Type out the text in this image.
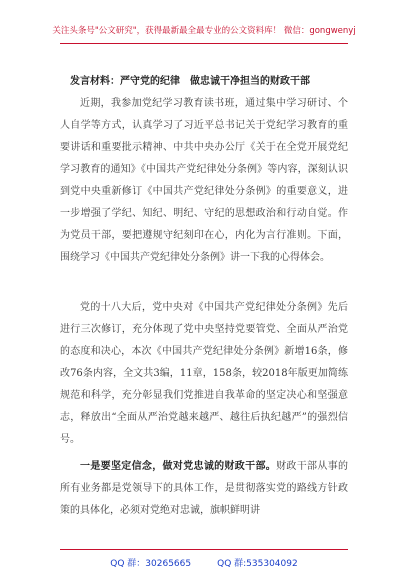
关注头条号"公文研究"，获得最新最全最专业的公文资料库！ 微信：gongwenyj
发言材料：严守党的纪律　做忠诚干净担当的财政干部

近期，我参加党纪学习教育读书班，通过集中学习研讨、个人自学等方式，认真学习了习近平总书记关于党纪学习教育的重要讲话和重要批示精神、中共中央办公厅《关于在全党开展党纪学习教育的通知》《中国共产党纪律处分条例》等内容，深刻认识到党中央重新修订《中国共产党纪律处分条例》的重要意义，进一步增强了学纪、知纪、明纪、守纪的思想政治和行动自觉。作为党员干部，要把遵规守纪刻印在心，内化为言行准则。下面，围绕学习《中国共产党纪律处分条例》讲一下我的心得体会。

党的十八大后，党中央对《中国共产党纪律处分条例》先后进行三次修订，充分体现了党中央坚持党要管党、全面从严治党的态度和决心，本次《中国共产党纪律处分条例》新增16条，修改76条内容，全文共3编，11章，158条，较2018年版更加简练规范和科学，充分彰显我们党推进自我革命的坚定决心和坚强意志，释放出“全面从严治党越来越严、越往后执纪越严”的强烈信号。

一是要坚定信念，做对党忠诚的财政干部。财政干部从事的所有业务都是党领导下的具体工作，是贯彻落实党的路线方针政策的具体化，必须对党绝对忠诚，旗帜鲜明讲

QQ 群：30265665	QQ 群:535304092
